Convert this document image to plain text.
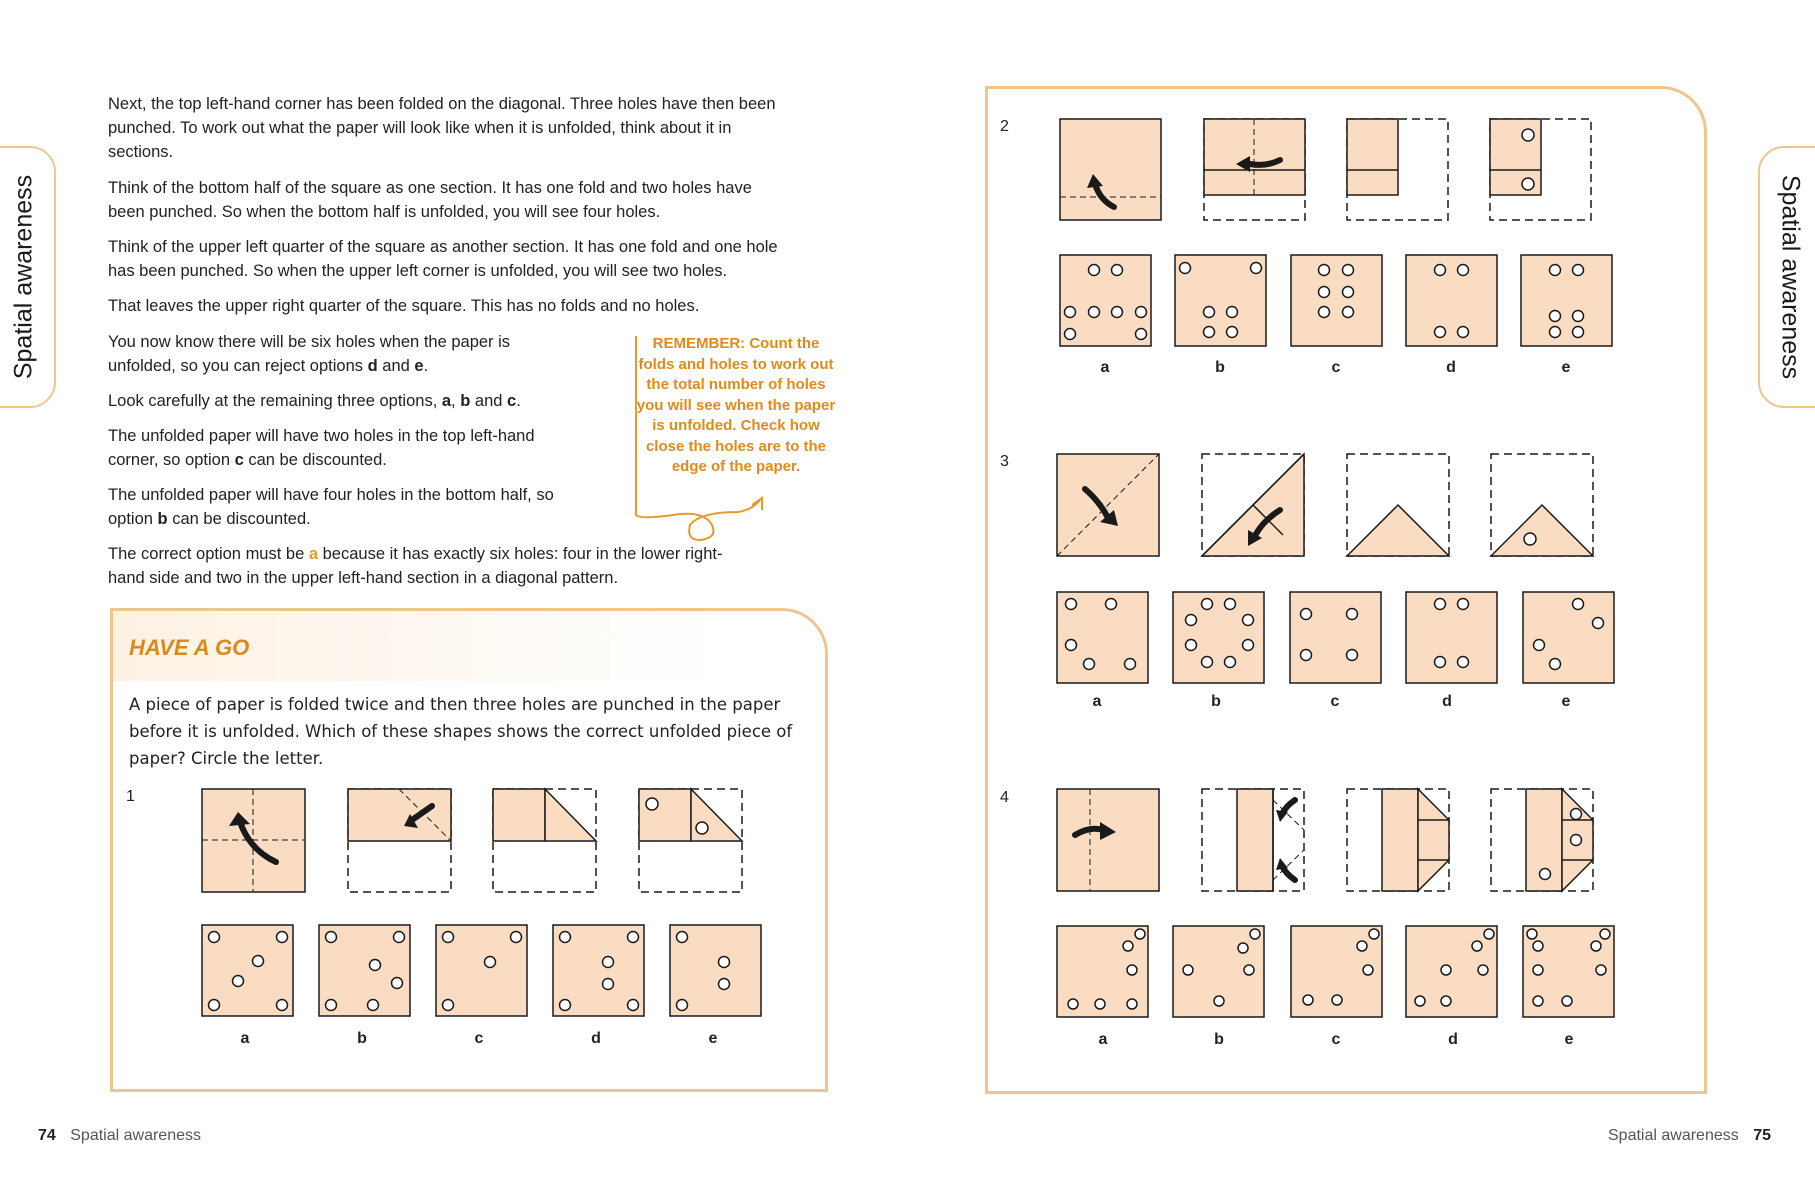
Spatial awareness	Spatial awareness
Next, the top left-hand corner has been folded on the diagonal. Three holes have then been punched. To work out what the paper will look like when it is unfolded, think about it in sections.
Think of the bottom half of the square as one section. It has one fold and two holes have been punched. So when the bottom half is unfolded, you will see four holes.
Think of the upper left quarter of the square as another section. It has one fold and one hole has been punched. So when the upper left corner is unfolded, you will see two holes.
That leaves the upper right quarter of the square. This has no folds and no holes.
You now know there will be six holes when the paper is unfolded, so you can reject options d and e.
Look carefully at the remaining three options, a, b and c.
The unfolded paper will have two holes in the top left-hand corner, so option c can be discounted.
The unfolded paper will have four holes in the bottom half, so option b can be discounted.
The correct option must be a because it has exactly six holes: four in the lower right-hand side and two in the upper left-hand section in a diagonal pattern.
REMEMBER: Count the folds and holes to work out the total number of holes you will see when the paper is unfolded. Check how close the holes are to the edge of the paper.
HAVE A GO
A piece of paper is folded twice and then three holes are punched in the paper before it is unfolded. Which of these shapes shows the correct unfolded piece of paper? Circle the letter.
1
2
3
4
a	b	c	d	e
a	b	c	d	e
a	b	c	d	e
a	b	c	d	e
74 Spatial awareness	Spatial awareness 75
